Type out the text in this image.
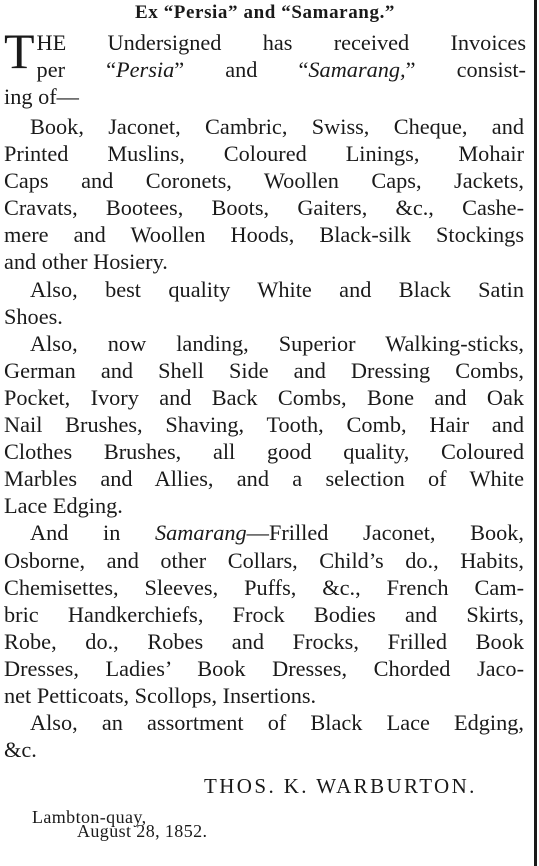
Ex “Persia” and “Samarang.”
T HE Undersigned has received Invoices
per “Persia” and “Samarang,” consist-
ing of—
Book, Jaconet, Cambric, Swiss, Cheque, and
Printed Muslins, Coloured Linings, Mohair
Caps and Coronets, Woollen Caps, Jackets,
Cravats, Bootees, Boots, Gaiters, &c., Cashe-
mere and Woollen Hoods, Black-silk Stockings
and other Hosiery.
Also, best quality White and Black Satin
Shoes.
Also, now landing, Superior Walking-sticks,
German and Shell Side and Dressing Combs,
Pocket, Ivory and Back Combs, Bone and Oak
Nail Brushes, Shaving, Tooth, Comb, Hair and
Clothes Brushes, all good quality, Coloured
Marbles and Allies, and a selection of White
Lace Edging.
And in Samarang—Frilled Jaconet, Book,
Osborne, and other Collars, Child’s do., Habits,
Chemisettes, Sleeves, Puffs, &c., French Cam-
bric Handkerchiefs, Frock Bodies and Skirts,
Robe, do., Robes and Frocks, Frilled Book
Dresses, Ladies’ Book Dresses, Chorded Jaco-
net Petticoats, Scollops, Insertions.
Also, an assortment of Black Lace Edging,
&c.
THOS. K. WARBURTON.
Lambton-quay,
August 28, 1852.
